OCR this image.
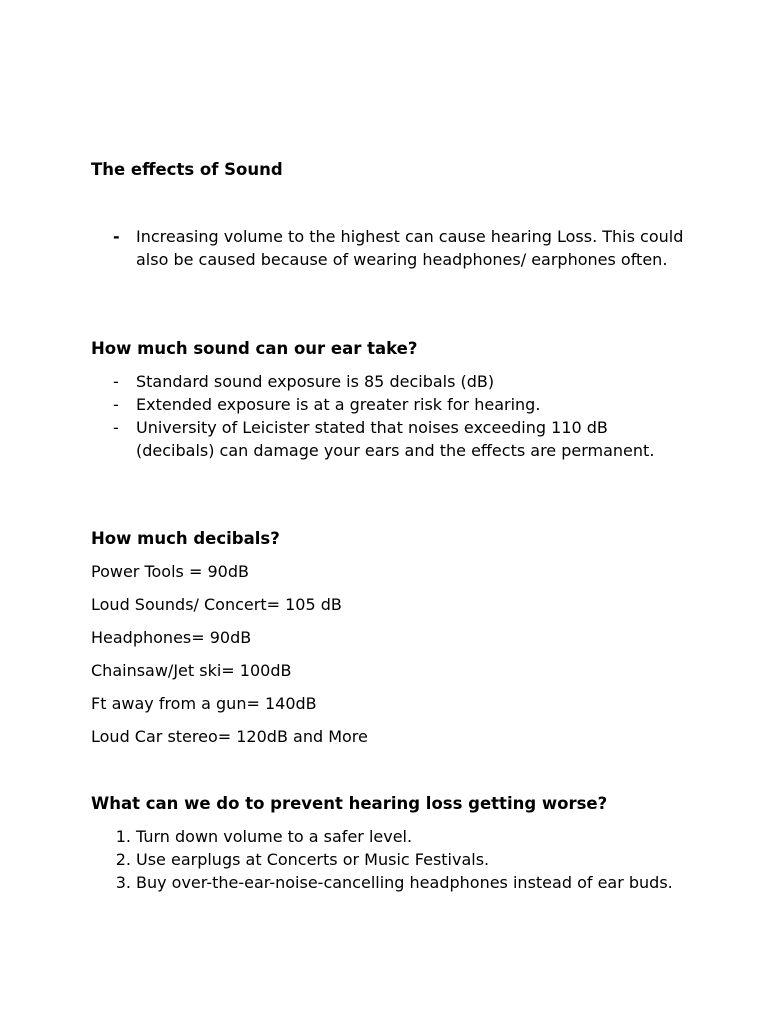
The effects of Sound
- Increasing volume to the highest can cause hearing Loss. This could also be caused because of wearing headphones/ earphones often.
How much sound can our ear take?
- Standard sound exposure is 85 decibals (dB)
- Extended exposure is at a greater risk for hearing.
- University of Leicister stated that noises exceeding 110 dB (decibals) can damage your ears and the effects are permanent.
How much decibals?

Power Tools = 90dB

Loud Sounds/ Concert= 105 dB

Headphones= 90dB

Chainsaw/Jet ski= 100dB

Ft away from a gun= 140dB

Loud Car stereo= 120dB and More

What can we do to prevent hearing loss getting worse?
1. Turn down volume to a safer level.
2. Use earplugs at Concerts or Music Festivals.
3. Buy over-the-ear-noise-cancelling headphones instead of ear buds.
